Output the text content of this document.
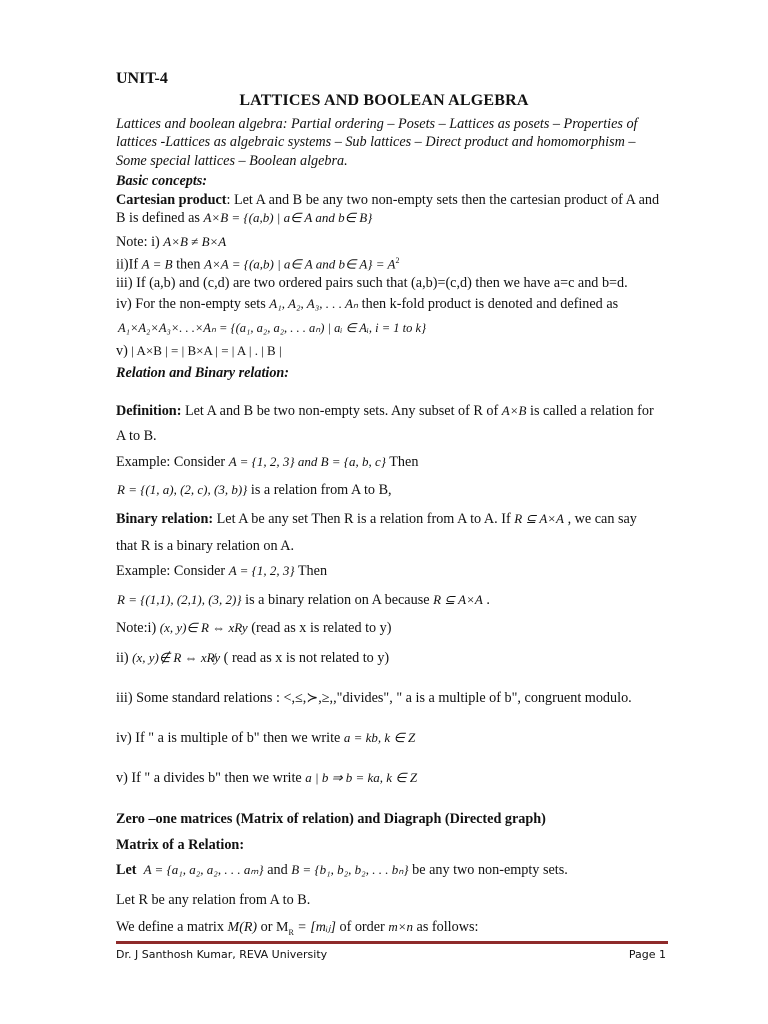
UNIT-4
LATTICES AND BOOLEAN ALGEBRA
Lattices and boolean algebra: Partial ordering – Posets – Lattices as posets – Properties of
lattices -Lattices as algebraic systems – Sub lattices – Direct product and homomorphism –
Some special lattices – Boolean algebra.
Basic concepts:
Cartesian product: Let A and B be any two non-empty sets then the cartesian product of A and
B is defined as A×B = {(a,b) | a∈ A and b∈ B}
Note: i) A×B ≠ B×A
ii)If A = B then A×A = {(a,b) | a∈ A and b∈ $A\} = A^2$
iii) If (a,b) and (c,d) are two ordered pairs such that (a,b)=(c,d) then we have a=c and b=d.
iv) For the non-empty sets A₁, A₂, A₃, . . . Aₙ then k-fold product is denoted and defined as
A₁×A₂×A₃×. . .×Aₙ = {(a₁, a₂, a₂, . . . aₙ) | aᵢ ∈ Aᵢ, i = 1 to k}
v) | A×B | = | B×A | = | A | . | B |
Relation and Binary relation:
Definition: Let A and B be two non-empty sets. Any subset of R of A×B is called a relation for
A to B.
Example: Consider A = {1, 2, 3} and B = {a, b, c} Then
R = {(1, a), (2, c), (3, b)} is a relation from A to B,
Binary relation: Let A be any set Then R is a relation from A to A. If R ⊆ A×A , we can say
that R is a binary relation on A.
Example: Consider A = {1, 2, 3} Then
R = {(1,1), (2,1), (3, 2)} is a binary relation on A because R ⊆ A×A .
Note:i) (x, y)∈ R ⇔ xRy (read as x is related to y)
ii) (x, y)∉ R ⇔ xR̸y ( read as x is not related to y)
iii) Some standard relations : <,≤,≻,≥,,"divides", " a is a multiple of b", congruent modulo.
iv) If " a is multiple of b" then we write a = kb, k ∈ Z
v) If " a divides b" then we write a | b ⇒ b = ka, k ∈ Z
Zero –one matrices (Matrix of relation) and Diagraph (Directed graph)
Matrix of a Relation:
Let A = {a₁, a₂, a₂, . . . aₘ} and B = {b₁, b₂, b₂, . . . bₙ} be any two non-empty sets.
Let R be any relation from A to B.
We define a matrix M(R) or $M_R$ = [mᵢⱼ] of order m×n as follows:
Dr. J Santhosh Kumar, REVA University	Page 1
